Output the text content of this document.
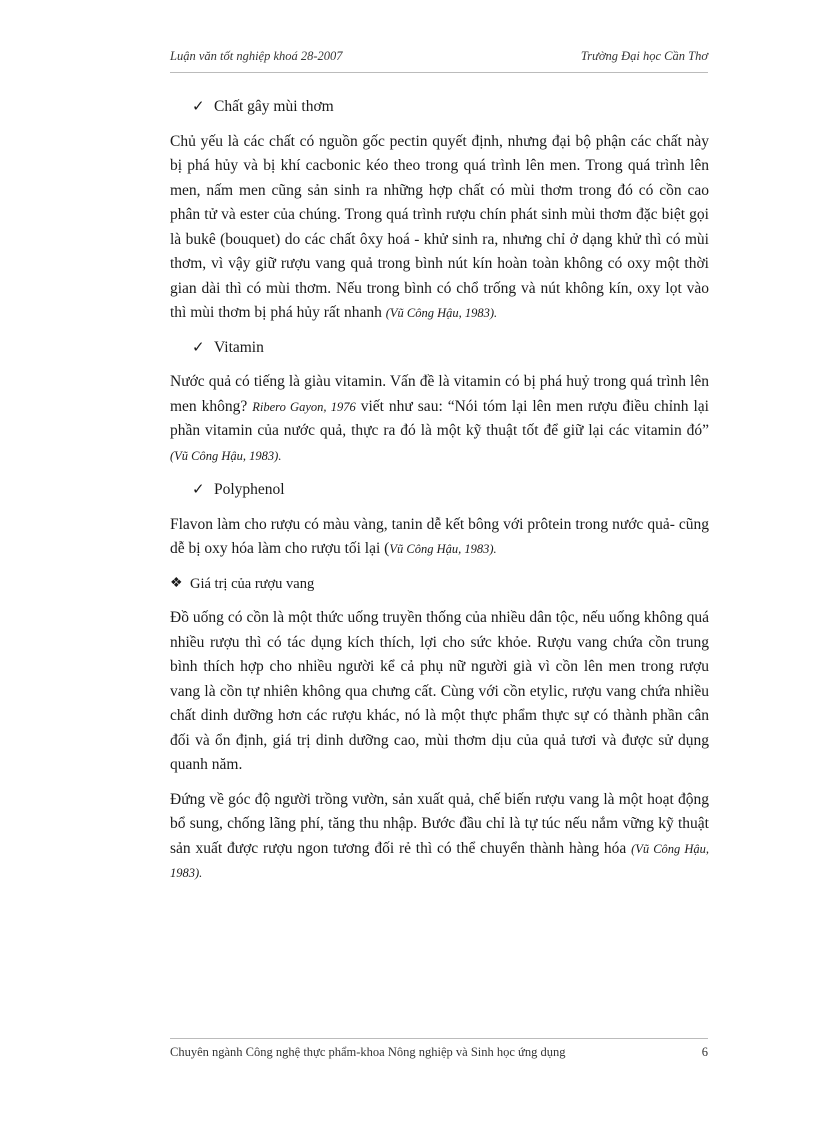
Luận văn tốt nghiệp khoá 28-2007	Trường Đại học Cần Thơ
✓ Chất gây mùi thơm

Chủ yếu là các chất có nguồn gốc pectin quyết định, nhưng đại bộ phận các chất này bị phá hủy và bị khí cacbonic kéo theo trong quá trình lên men. Trong quá trình lên men, nấm men cũng sản sinh ra những hợp chất có mùi thơm trong đó có cồn cao phân tử và ester của chúng. Trong quá trình rượu chín phát sinh mùi thơm đặc biệt gọi là bukê (bouquet) do các chất ôxy hoá - khử sinh ra, nhưng chỉ ở dạng khử thì có mùi thơm, vì vậy giữ rượu vang quả trong bình nút kín hoàn toàn không có oxy một thời gian dài thì có mùi thơm. Nếu trong bình có chổ trống và nút không kín, oxy lọt vào thì mùi thơm bị phá hủy rất nhanh (Vũ Công Hậu, 1983).

✓ Vitamin

Nước quả có tiếng là giàu vitamin. Vấn đề là vitamin có bị phá huỷ trong quá trình lên men không? Ribero Gayon, 1976 viết như sau: “Nói tóm lại lên men rượu điều chỉnh lại phần vitamin của nước quả, thực ra đó là một kỹ thuật tốt để giữ lại các vitamin đó” (Vũ Công Hậu, 1983).

✓ Polyphenol

Flavon làm cho rượu có màu vàng, tanin dễ kết bông với prôtein trong nước quả- cũng dễ bị oxy hóa làm cho rượu tối lại (Vũ Công Hậu, 1983).

❖ Giá trị của rượu vang

Đồ uống có cồn là một thức uống truyền thống của nhiều dân tộc, nếu uống không quá nhiều rượu thì có tác dụng kích thích, lợi cho sức khỏe. Rượu vang chứa cồn trung bình thích hợp cho nhiều người kể cả phụ nữ người già vì cồn lên men trong rượu vang là cồn tự nhiên không qua chưng cất. Cùng với cồn etylic, rượu vang chứa nhiều chất dinh dưỡng hơn các rượu khác, nó là một thực phẩm thực sự có thành phần cân đối và ổn định, giá trị dinh dưỡng cao, mùi thơm dịu của quả tươi và được sử dụng quanh năm.

Đứng về góc độ người trồng vườn, sản xuất quả, chế biến rượu vang là một hoạt động bổ sung, chống lãng phí, tăng thu nhập. Bước đầu chỉ là tự túc nếu nắm vững kỹ thuật sản xuất được rượu ngon tương đối rẻ thì có thể chuyển thành hàng hóa (Vũ Công Hậu, 1983).

Chuyên ngành Công nghệ thực phẩm-khoa Nông nghiệp và Sinh học ứng dụng	6
